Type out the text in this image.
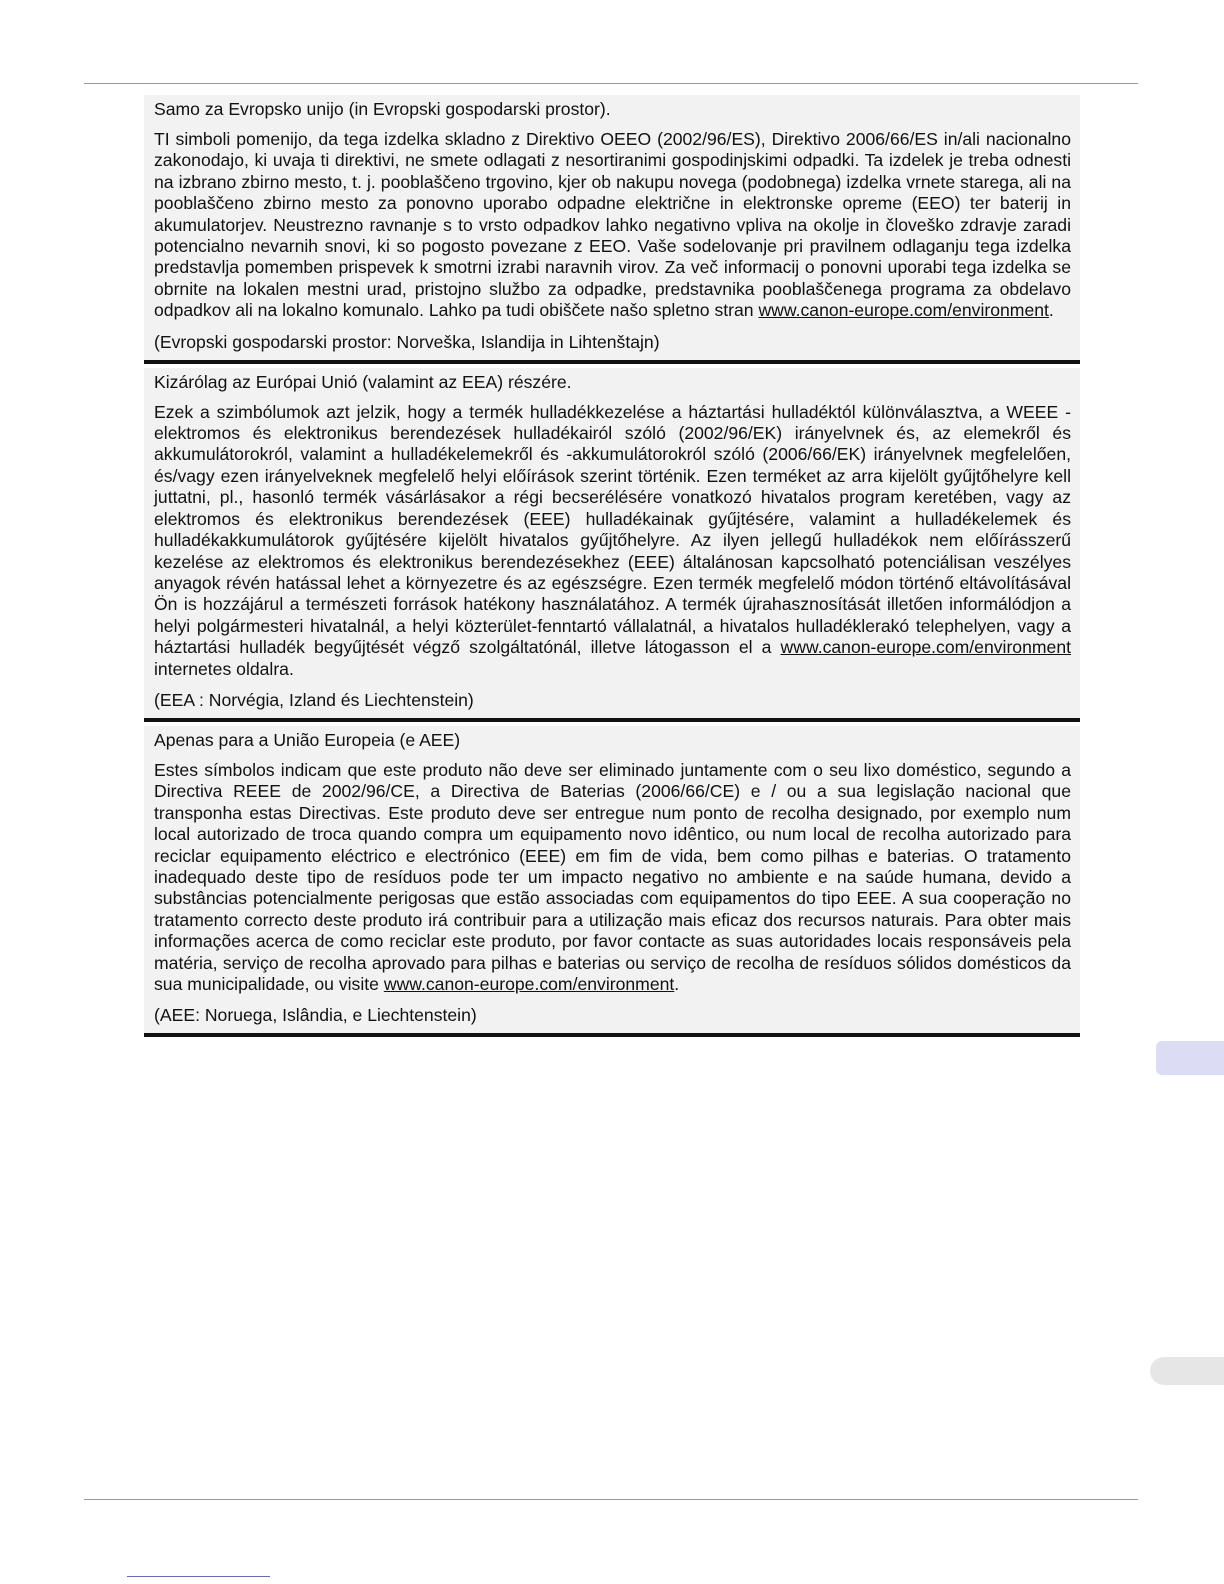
Samo za Evropsko unijo (in Evropski gospodarski prostor).

TI simboli pomenijo, da tega izdelka skladno z Direktivo OEEO (2002/96/ES), Direktivo 2006/66/ES in/ali nacionalno zakonodajo, ki uvaja ti direktivi, ne smete odlagati z nesortiranimi gospodinjskimi odpadki. Ta izdelek je treba odnesti na izbrano zbirno mesto, t. j. pooblaščeno trgovino, kjer ob nakupu novega (podobnega) izdelka vrnete starega, ali na pooblaščeno zbirno mesto za ponovno uporabo odpadne električne in elektronske opreme (EEO) ter baterij in akumulatorjev. Neustrezno ravnanje s to vrsto odpadkov lahko negativno vpliva na okolje in človeško zdravje zaradi potencialno nevarnih snovi, ki so pogosto povezane z EEO. Vaše sodelovanje pri pravilnem odlaganju tega izdelka predstavlja pomemben prispevek k smotrni izrabi naravnih virov. Za več informacij o ponovni uporabi tega izdelka se obrnite na lokalen mestni urad, pristojno službo za odpadke, predstavnika pooblaščenega programa za obdelavo odpadkov ali na lokalno komunalo. Lahko pa tudi obiščete našo spletno stran www.canon-europe.com/environment.

(Evropski gospodarski prostor: Norveška, Islandija in Lihtenštajn)

Kizárólag az Európai Unió (valamint az EEA) részére.

Ezek a szimbólumok azt jelzik, hogy a termék hulladékkezelése a háztartási hulladéktól különválasztva, a WEEE - elektromos és elektronikus berendezések hulladékairól szóló (2002/96/EK) irányelvnek és, az elemekről és akkumulátorokról, valamint a hulladékelemekről és -akkumulátorokról szóló (2006/66/EK) irányelvnek megfelelően, és/vagy ezen irányelveknek megfelelő helyi előírások szerint történik. Ezen terméket az arra kijelölt gyűjtőhelyre kell juttatni, pl., hasonló termék vásárlásakor a régi becserélésére vonatkozó hivatalos program keretében, vagy az elektromos és elektronikus berendezések (EEE) hulladékainak gyűjtésére, valamint a hulladékelemek és hulladékakkumulátorok gyűjtésére kijelölt hivatalos gyűjtőhelyre. Az ilyen jellegű hulladékok nem előírásszerű kezelése az elektromos és elektronikus berendezésekhez (EEE) általánosan kapcsolható potenciálisan veszélyes anyagok révén hatással lehet a környezetre és az egészségre. Ezen termék megfelelő módon történő eltávolításával Ön is hozzájárul a természeti források hatékony használatához. A termék újrahasznosítását illetően informálódjon a helyi polgármesteri hivatalnál, a helyi közterület-fenntartó vállalatnál, a hivatalos hulladéklerakó telephelyen, vagy a háztartási hulladék begyűjtését végző szolgáltatónál, illetve látogasson el a www.canon-europe.com/environment internetes oldalra.

(EEA : Norvégia, Izland és Liechtenstein)

Apenas para a União Europeia (e AEE)

Estes símbolos indicam que este produto não deve ser eliminado juntamente com o seu lixo doméstico, segundo a Directiva REEE de 2002/96/CE, a Directiva de Baterias (2006/66/CE) e / ou a sua legislação nacional que transponha estas Directivas. Este produto deve ser entregue num ponto de recolha designado, por exemplo num local autorizado de troca quando compra um equipamento novo idêntico, ou num local de recolha autorizado para reciclar equipamento eléctrico e electrónico (EEE) em fim de vida, bem como pilhas e baterias. O tratamento inadequado deste tipo de resíduos pode ter um impacto negativo no ambiente e na saúde humana, devido a substâncias potencialmente perigosas que estão associadas com equipamentos do tipo EEE. A sua cooperação no tratamento correcto deste produto irá contribuir para a utilização mais eficaz dos recursos naturais. Para obter mais informações acerca de como reciclar este produto, por favor contacte as suas autoridades locais responsáveis pela matéria, serviço de recolha aprovado para pilhas e baterias ou serviço de recolha de resíduos sólidos domésticos da sua municipalidade, ou visite www.canon-europe.com/environment.

(AEE: Noruega, Islândia, e Liechtenstein)
